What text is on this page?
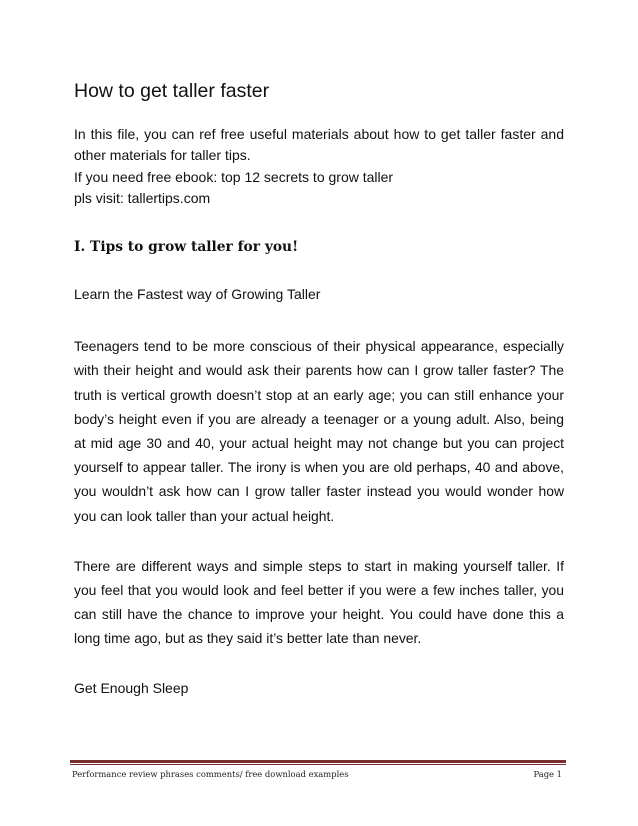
How to get taller faster

In this file, you can ref free useful materials about how to get taller faster and other materials for taller tips.

If you need free ebook: top 12 secrets to grow taller

pls visit: tallertips.com

I. Tips to grow taller for you!
Learn the Fastest way of Growing Taller

Teenagers tend to be more conscious of their physical appearance, especially with their height and would ask their parents how can I grow taller faster? The truth is vertical growth doesn’t stop at an early age; you can still enhance your body’s height even if you are already a teenager or a young adult. Also, being at mid age 30 and 40, your actual height may not change but you can project yourself to appear taller. The irony is when you are old perhaps, 40 and above, you wouldn’t ask how can I grow taller faster instead you would wonder how you can look taller than your actual height.

There are different ways and simple steps to start in making yourself taller. If you feel that you would look and feel better if you were a few inches taller, you can still have the chance to improve your height. You could have done this a long time ago, but as they said it’s better late than never.

Get Enough Sleep
Performance review phrases comments/ free download examples	Page 1
